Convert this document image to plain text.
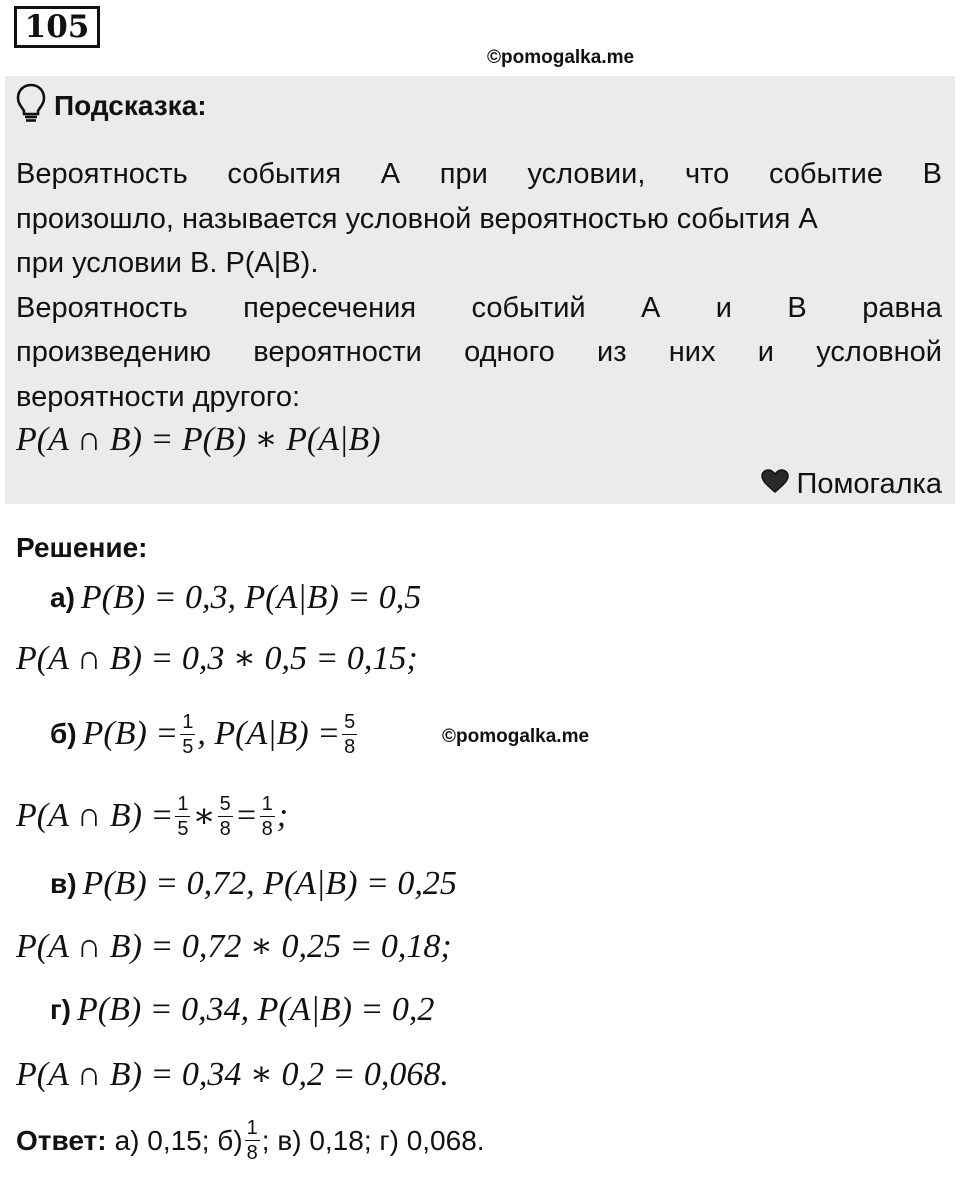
105
©pomogalka.me
Подсказка:
Вероятность события А при условии, что событие В
произошло, называется условной вероятностью события А
при условии В. Р(А|В).
Вероятность пересечения событий А и В равна
произведению вероятности одного из них и условной
вероятности другого:
P(A ∩ B) = P(B) ∗ P(A|B)
Помогалка
Решение:
а) P(B) = 0,3, P(A|B) = 0,5
P(A ∩ B) = 0,3 ∗ 0,5 = 0,15;
б) $P(B) = \frac{1}{5}$ , $P(A|B) = \frac{5}{8}$	©pomogalka.me
P(A ∩ $B) = \frac{1}{5}$ ∗ $\frac{5}{8} = \frac{1}{8}$ ;
в) P(B) = 0,72, P(A|B) = 0,25
P(A ∩ B) = 0,72 ∗ 0,25 = 0,18;
г) P(B) = 0,34, P(A|B) = 0,2
P(A ∩ B) = 0,34 ∗ 0,2 = 0,068.
Ответ: а) 0,15; $б) \frac{1}{8}$ ; в) 0,18; г) 0,068.
